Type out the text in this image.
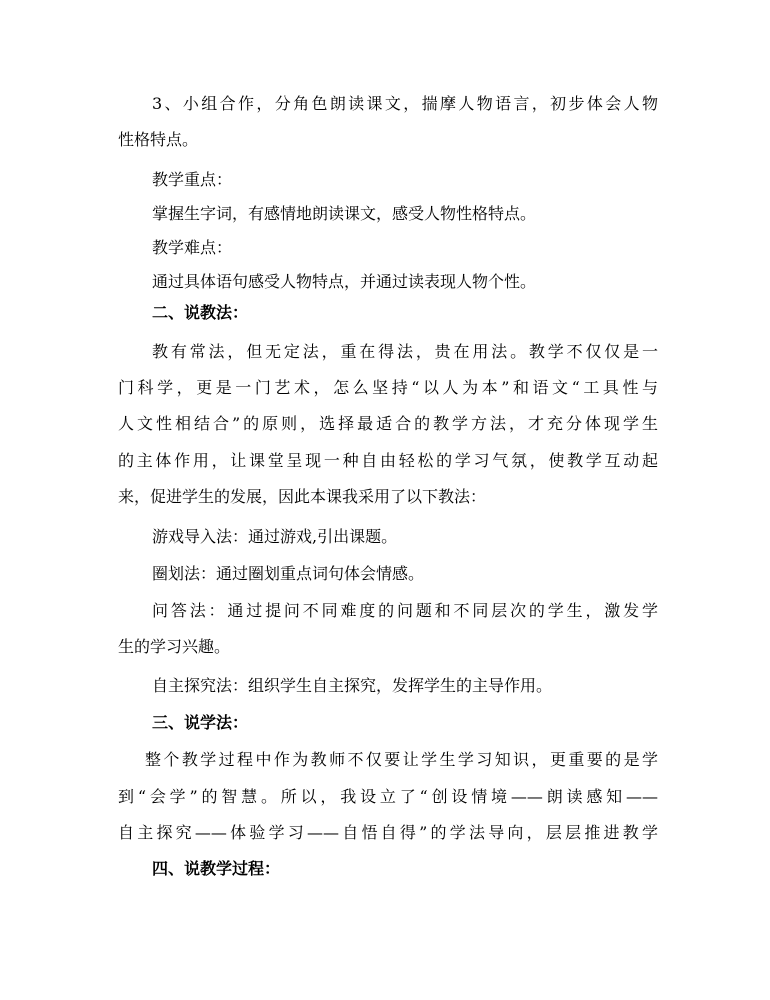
3、小组合作，分角色朗读课文，揣摩人物语言，初步体会人物
性格特点。
教学重点：
掌握生字词，有感情地朗读课文，感受人物性格特点。
教学难点：
通过具体语句感受人物特点，并通过读表现人物个性。
二、说教法：
教有常法，但无定法，重在得法，贵在用法。教学不仅仅是一
门科学，更是一门艺术，怎么坚持“以人为本”和语文“工具性与
人文性相结合”的原则，选择最适合的教学方法，才充分体现学生
的主体作用，让课堂呈现一种自由轻松的学习气氛，使教学互动起
来，促进学生的发展，因此本课我采用了以下教法：
游戏导入法：通过游戏,引出课题。
圈划法：通过圈划重点词句体会情感。
问答法：通过提问不同难度的问题和不同层次的学生，激发学
生的学习兴趣。
自主探究法：组织学生自主探究，发挥学生的主导作用。
三、说学法：
整个教学过程中作为教师不仅要让学生学习知识，更重要的是学
到“会学”的智慧。所以，我设立了“创设情境——朗读感知——
自主探究——体验学习——自悟自得”的学法导向，层层推进教学
四、说教学过程：
